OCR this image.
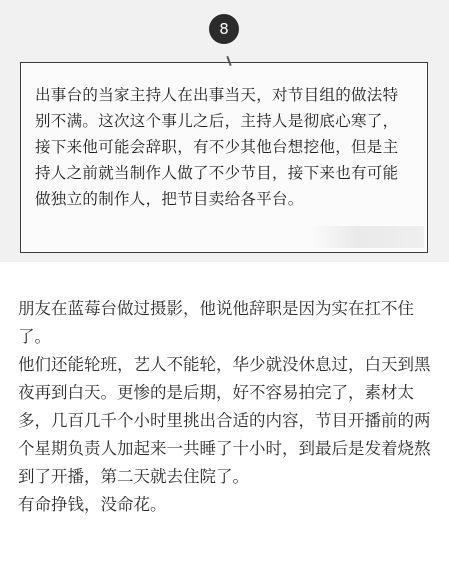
8
出事台的当家主持人在出事当天，对节目组的做法特别不满。这次这个事儿之后，主持人是彻底心寒了，接下来他可能会辞职，有不少其他台想挖他，但是主持人之前就当制作人做了不少节目，接下来也有可能做独立的制作人，把节目卖给各平台。

朋友在蓝莓台做过摄影，他说他辞职是因为实在扛不住了。

他们还能轮班，艺人不能轮，华少就没休息过，白天到黑夜再到白天。更惨的是后期，好不容易拍完了，素材太多，几百几千个小时里挑出合适的内容，节目开播前的两个星期负责人加起来一共睡了十小时，到最后是发着烧熬到了开播，第二天就去住院了。

有命挣钱，没命花。
